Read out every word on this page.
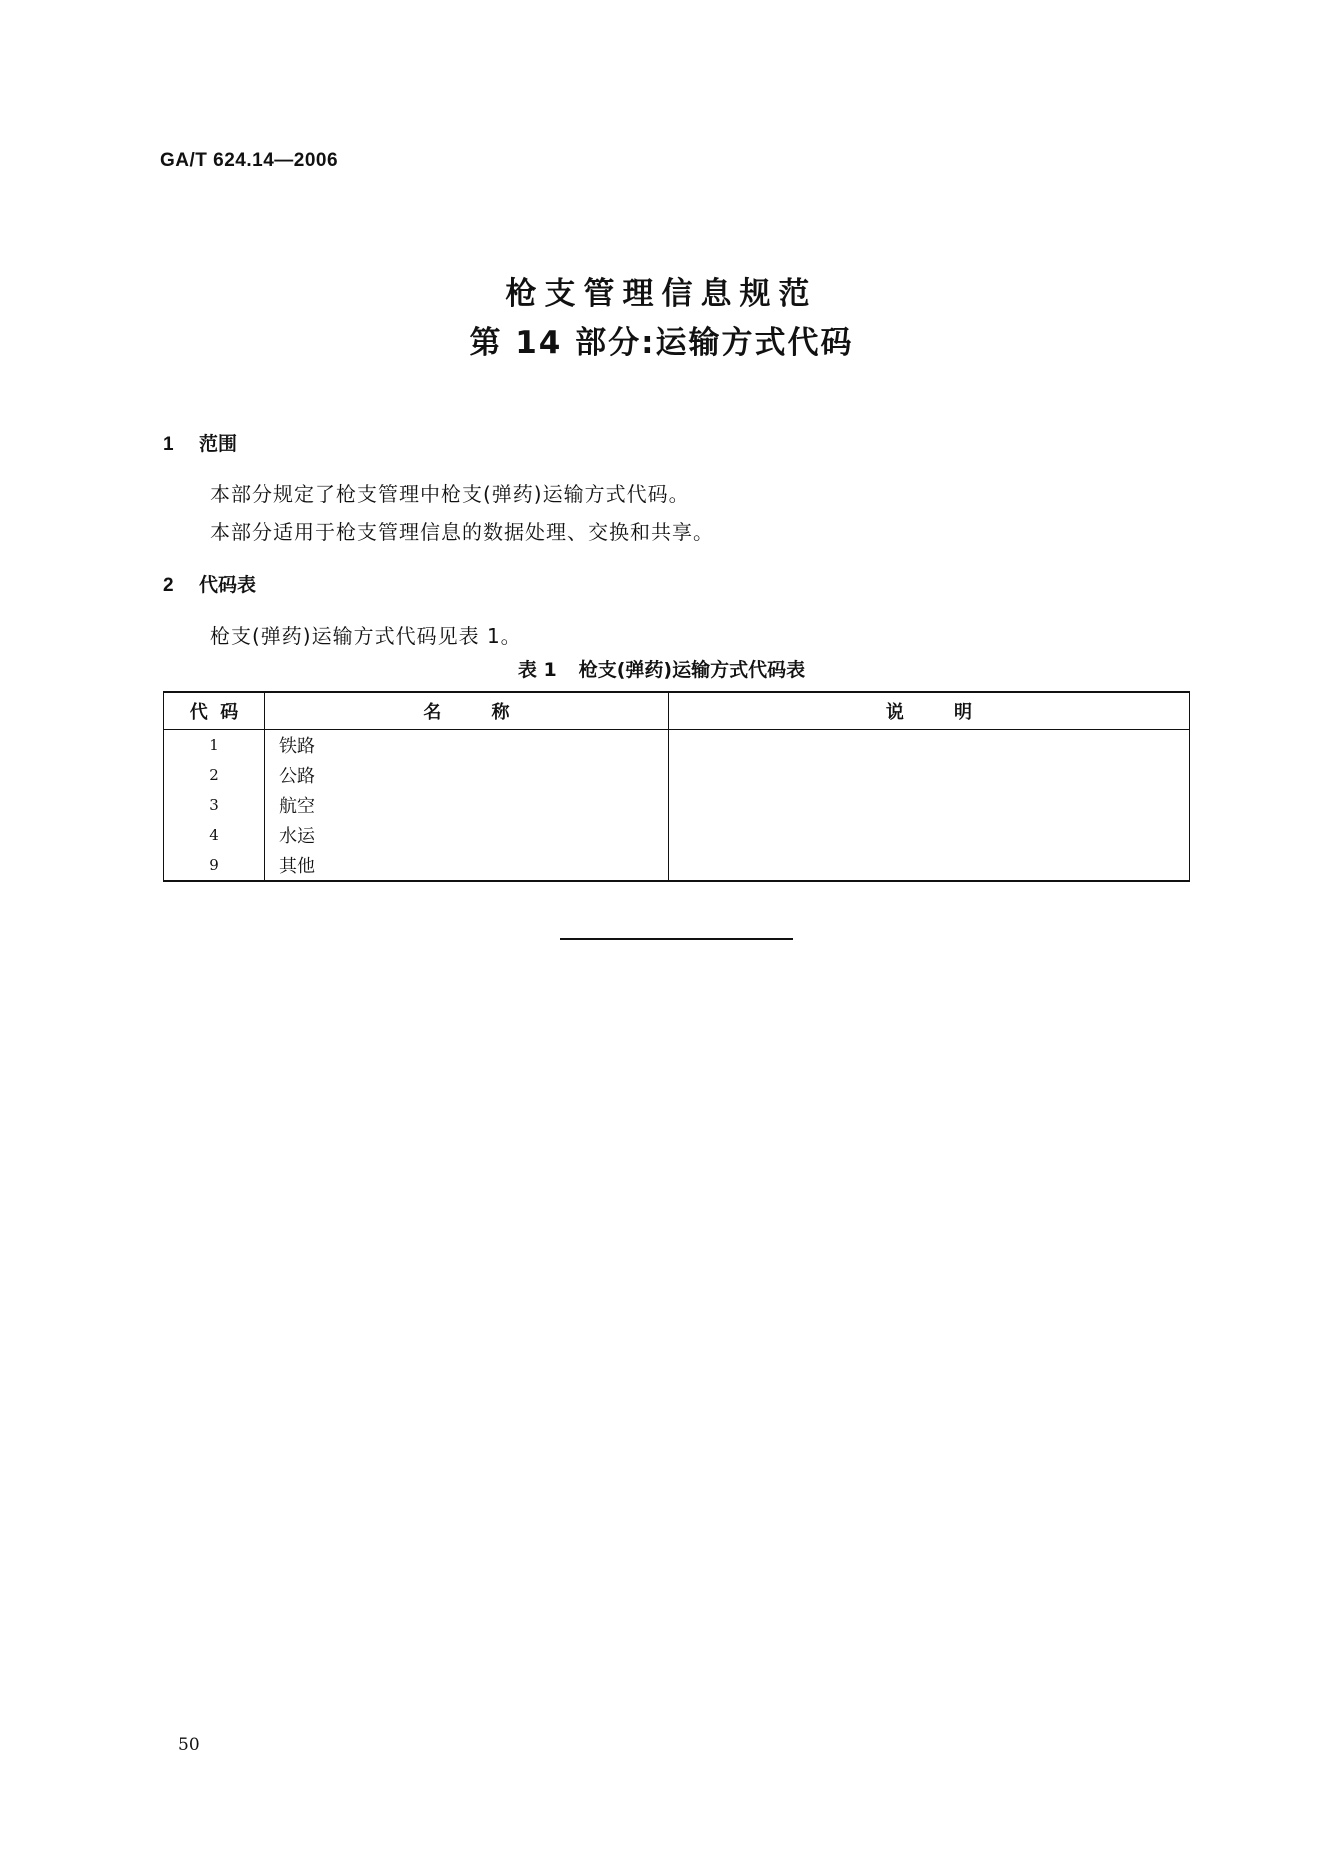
GA/T 624.14—2006
枪支管理信息规范
第 14 部分:运输方式代码
1 范围
本部分规定了枪支管理中枪支(弹药)运输方式代码。
本部分适用于枪支管理信息的数据处理、交换和共享。
2 代码表
枪支(弹药)运输方式代码见表 1。
表 1 枪支(弹药)运输方式代码表
代  码	名        称	说        明
1	铁路	
2	公路	
3	航空	
4	水运	
9	其他	
50
